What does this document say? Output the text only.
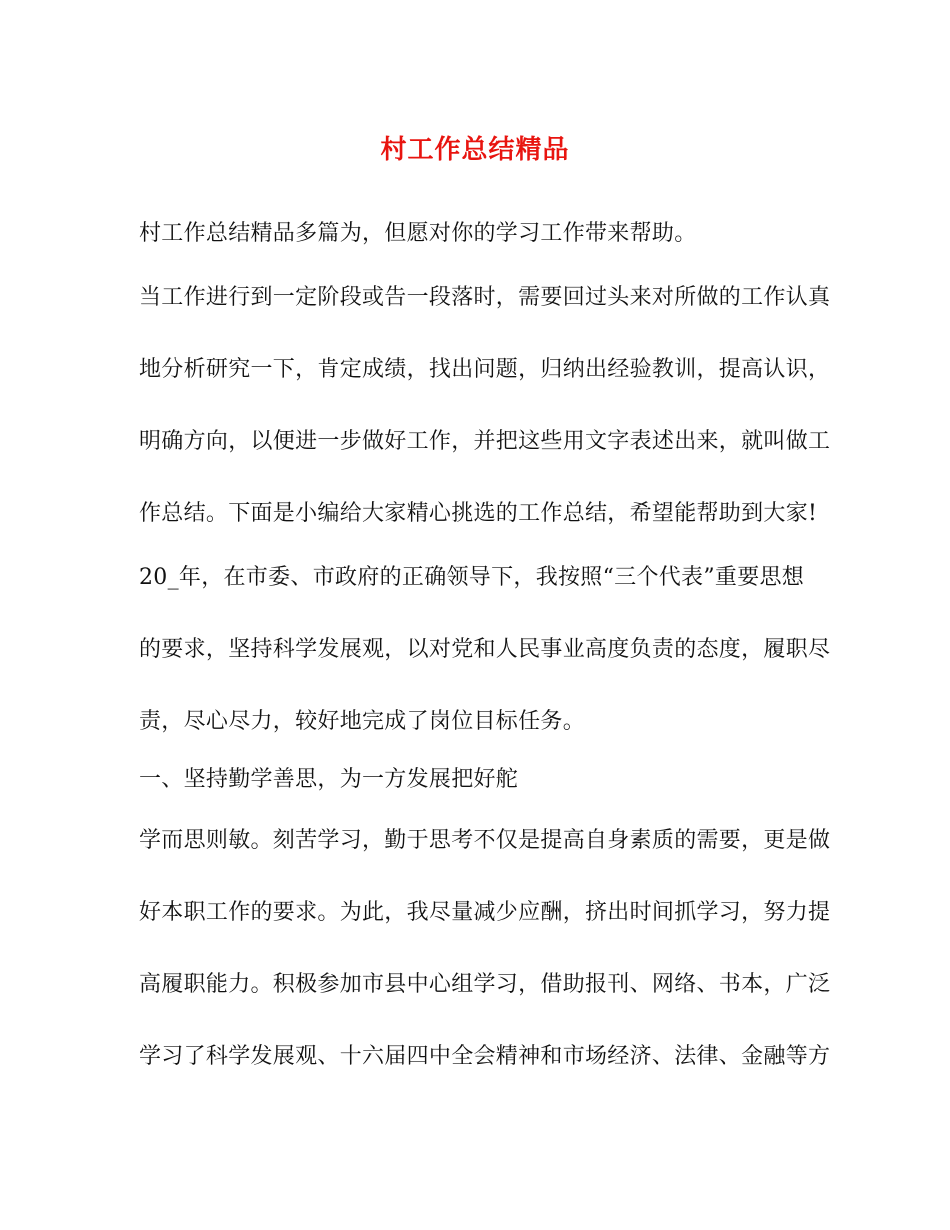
村工作总结精品
村工作总结精品多篇为，但愿对你的学习工作带来帮助。
当工作进行到一定阶段或告一段落时，需要回过头来对所做的工作认真
地分析研究一下，肯定成绩，找出问题，归纳出经验教训，提高认识，
明确方向，以便进一步做好工作，并把这些用文字表述出来，就叫做工
作总结。下面是小编给大家精心挑选的工作总结，希望能帮助到大家!
20_年，在市委、市政府的正确领导下，我按照“三个代表”重要思想
的要求，坚持科学发展观，以对党和人民事业高度负责的态度，履职尽
责，尽心尽力，较好地完成了岗位目标任务。
一、坚持勤学善思，为一方发展把好舵
学而思则敏。刻苦学习，勤于思考不仅是提高自身素质的需要，更是做
好本职工作的要求。为此，我尽量减少应酬，挤出时间抓学习，努力提
高履职能力。积极参加市县中心组学习，借助报刊、网络、书本，广泛
学习了科学发展观、十六届四中全会精神和市场经济、法律、金融等方
